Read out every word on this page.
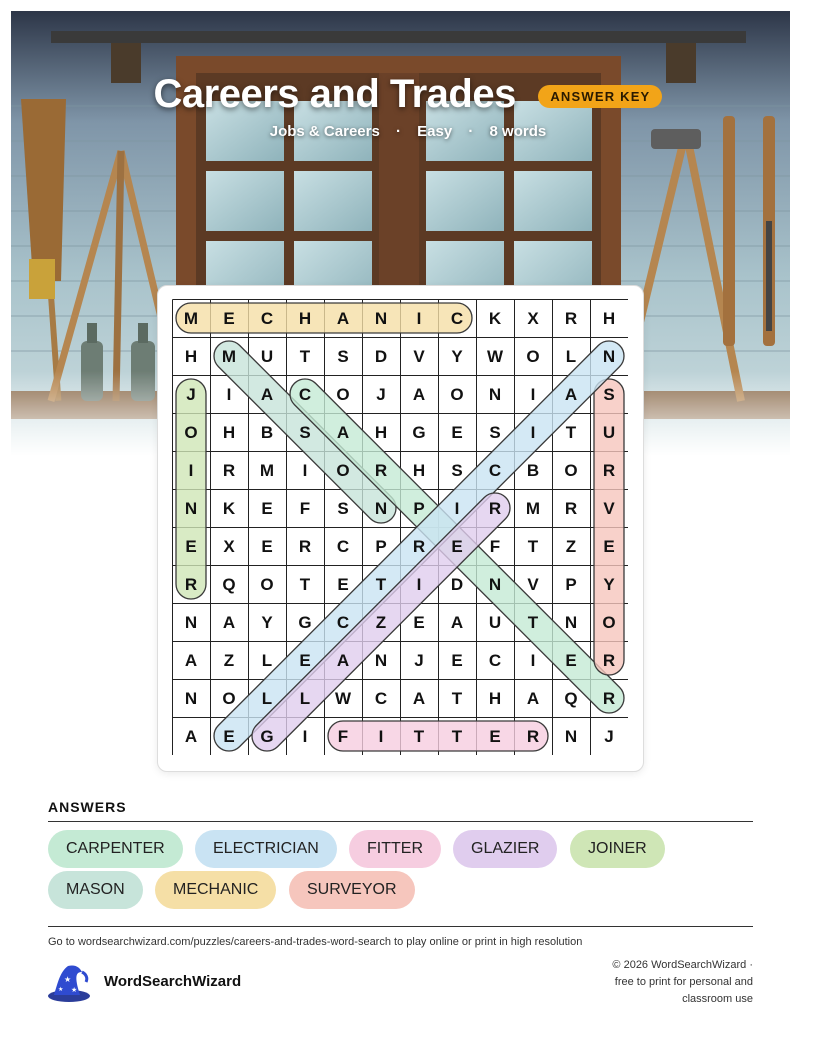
Careers and Trades	ANSWER KEY
Jobs & Careers · Easy · 8 words
M E C H A N I C K X R H
H M U T S D V Y W O L N
J I A C O J A O N I A S
O H B S A H G E S I T U
I R M I O R H S C B O R
N K E F S N P I R M R V
E X E R C P R E F T Z E
R Q O T E T I D N V P Y
N A Y G C Z E A U T N O
A Z L E A N J E C I E R
N O L L W C A T H A Q R
A E G I F I T T E R N J
ANSWERS
CARPENTER	ELECTRICIAN	FITTER	GLAZIER	JOINER
MASON	MECHANIC	SURVEYOR
Go to wordsearchwizard.com/puzzles/careers-and-trades-word-search to play online or print in high resolution
★
★
★	WordSearchWizard
© 2026 WordSearchWizard ·
free to print for personal and
classroom use
